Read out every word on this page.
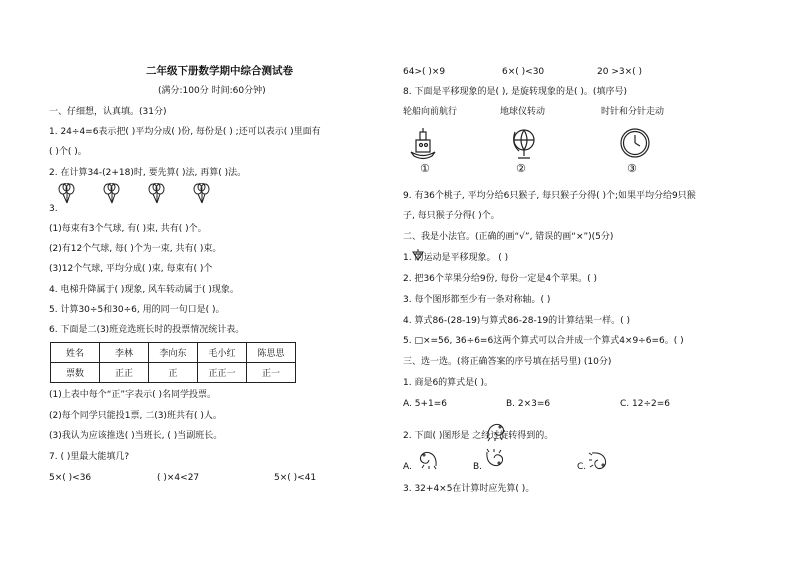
二年级下册数学期中综合测试卷
(满分:100分 时间:60分钟)
一、仔细想，认真填。(31分)
1. 24÷4=6表示把( )平均分成( )份, 每份是( ) ;还可以表示( )里面有
( )个( )。
2. 在计算34-(2+18)时, 要先算( )法, 再算( )法。
3.
(1)每束有3个气球, 有( )束, 共有( )个。
(2)有12个气球, 每( )个为一束, 共有( )束。
(3)12个气球, 平均分成( )束, 每束有( )个
4. 电梯升降属于( )现象, 风车转动属于( )现象。
5. 计算30÷5和30÷6, 用的同一句口是( )。
6. 下面是二(3)班竞选班长时的投票情况统计表。
姓名	李林	李向东	毛小红	陈思思
票数	正正	正	正正一	正一
(1)上表中每个“正”字表示( )名同学投票。
(2)每个同学只能投1票, 二(3)班共有( )人。
(3)我认为应该推选( )当班长, ( )当副班长。
7. ( )里最大能填几?
5×( )<36	( )×4<27	5×( )<41
64>( )×9	6×( )<30	20 >3×( )
8. 下面是平移现象的是( ), 是旋转现象的是( )。(填序号)
轮船向前航行	地球仪转动	时针和分针走动
①	②	③
9. 有36个桃子, 平均分给6只猴子, 每只猴子分得( )个;如果平均分给9只猴
子, 每只猴子分得( )个。
二、我是小法官。(正确的画“√”, 错误的画“×”)(5分)
1. 的运动是平移现象。 ( )
2. 把36个苹果分给9份, 每份一定是4个苹果。( )
3. 每个图形都至少有一条对称轴。( )
4. 算式86-(28-19)与算式86-28-19的计算结果一样。( )
5. □×=56, 36÷6=6这两个算式可以合并成一个算式4×9÷6=6。( )
三、选一选。(将正确答案的序号填在括号里) (10分)
1. 商是6的算式是( )。
A. 5+1=6	B. 2×3=6	C. 12÷2=6
2. 下面( )图形是 之经过旋转得到的。
A.	B.	C.
3. 32+4×5在计算时应先算( )。
